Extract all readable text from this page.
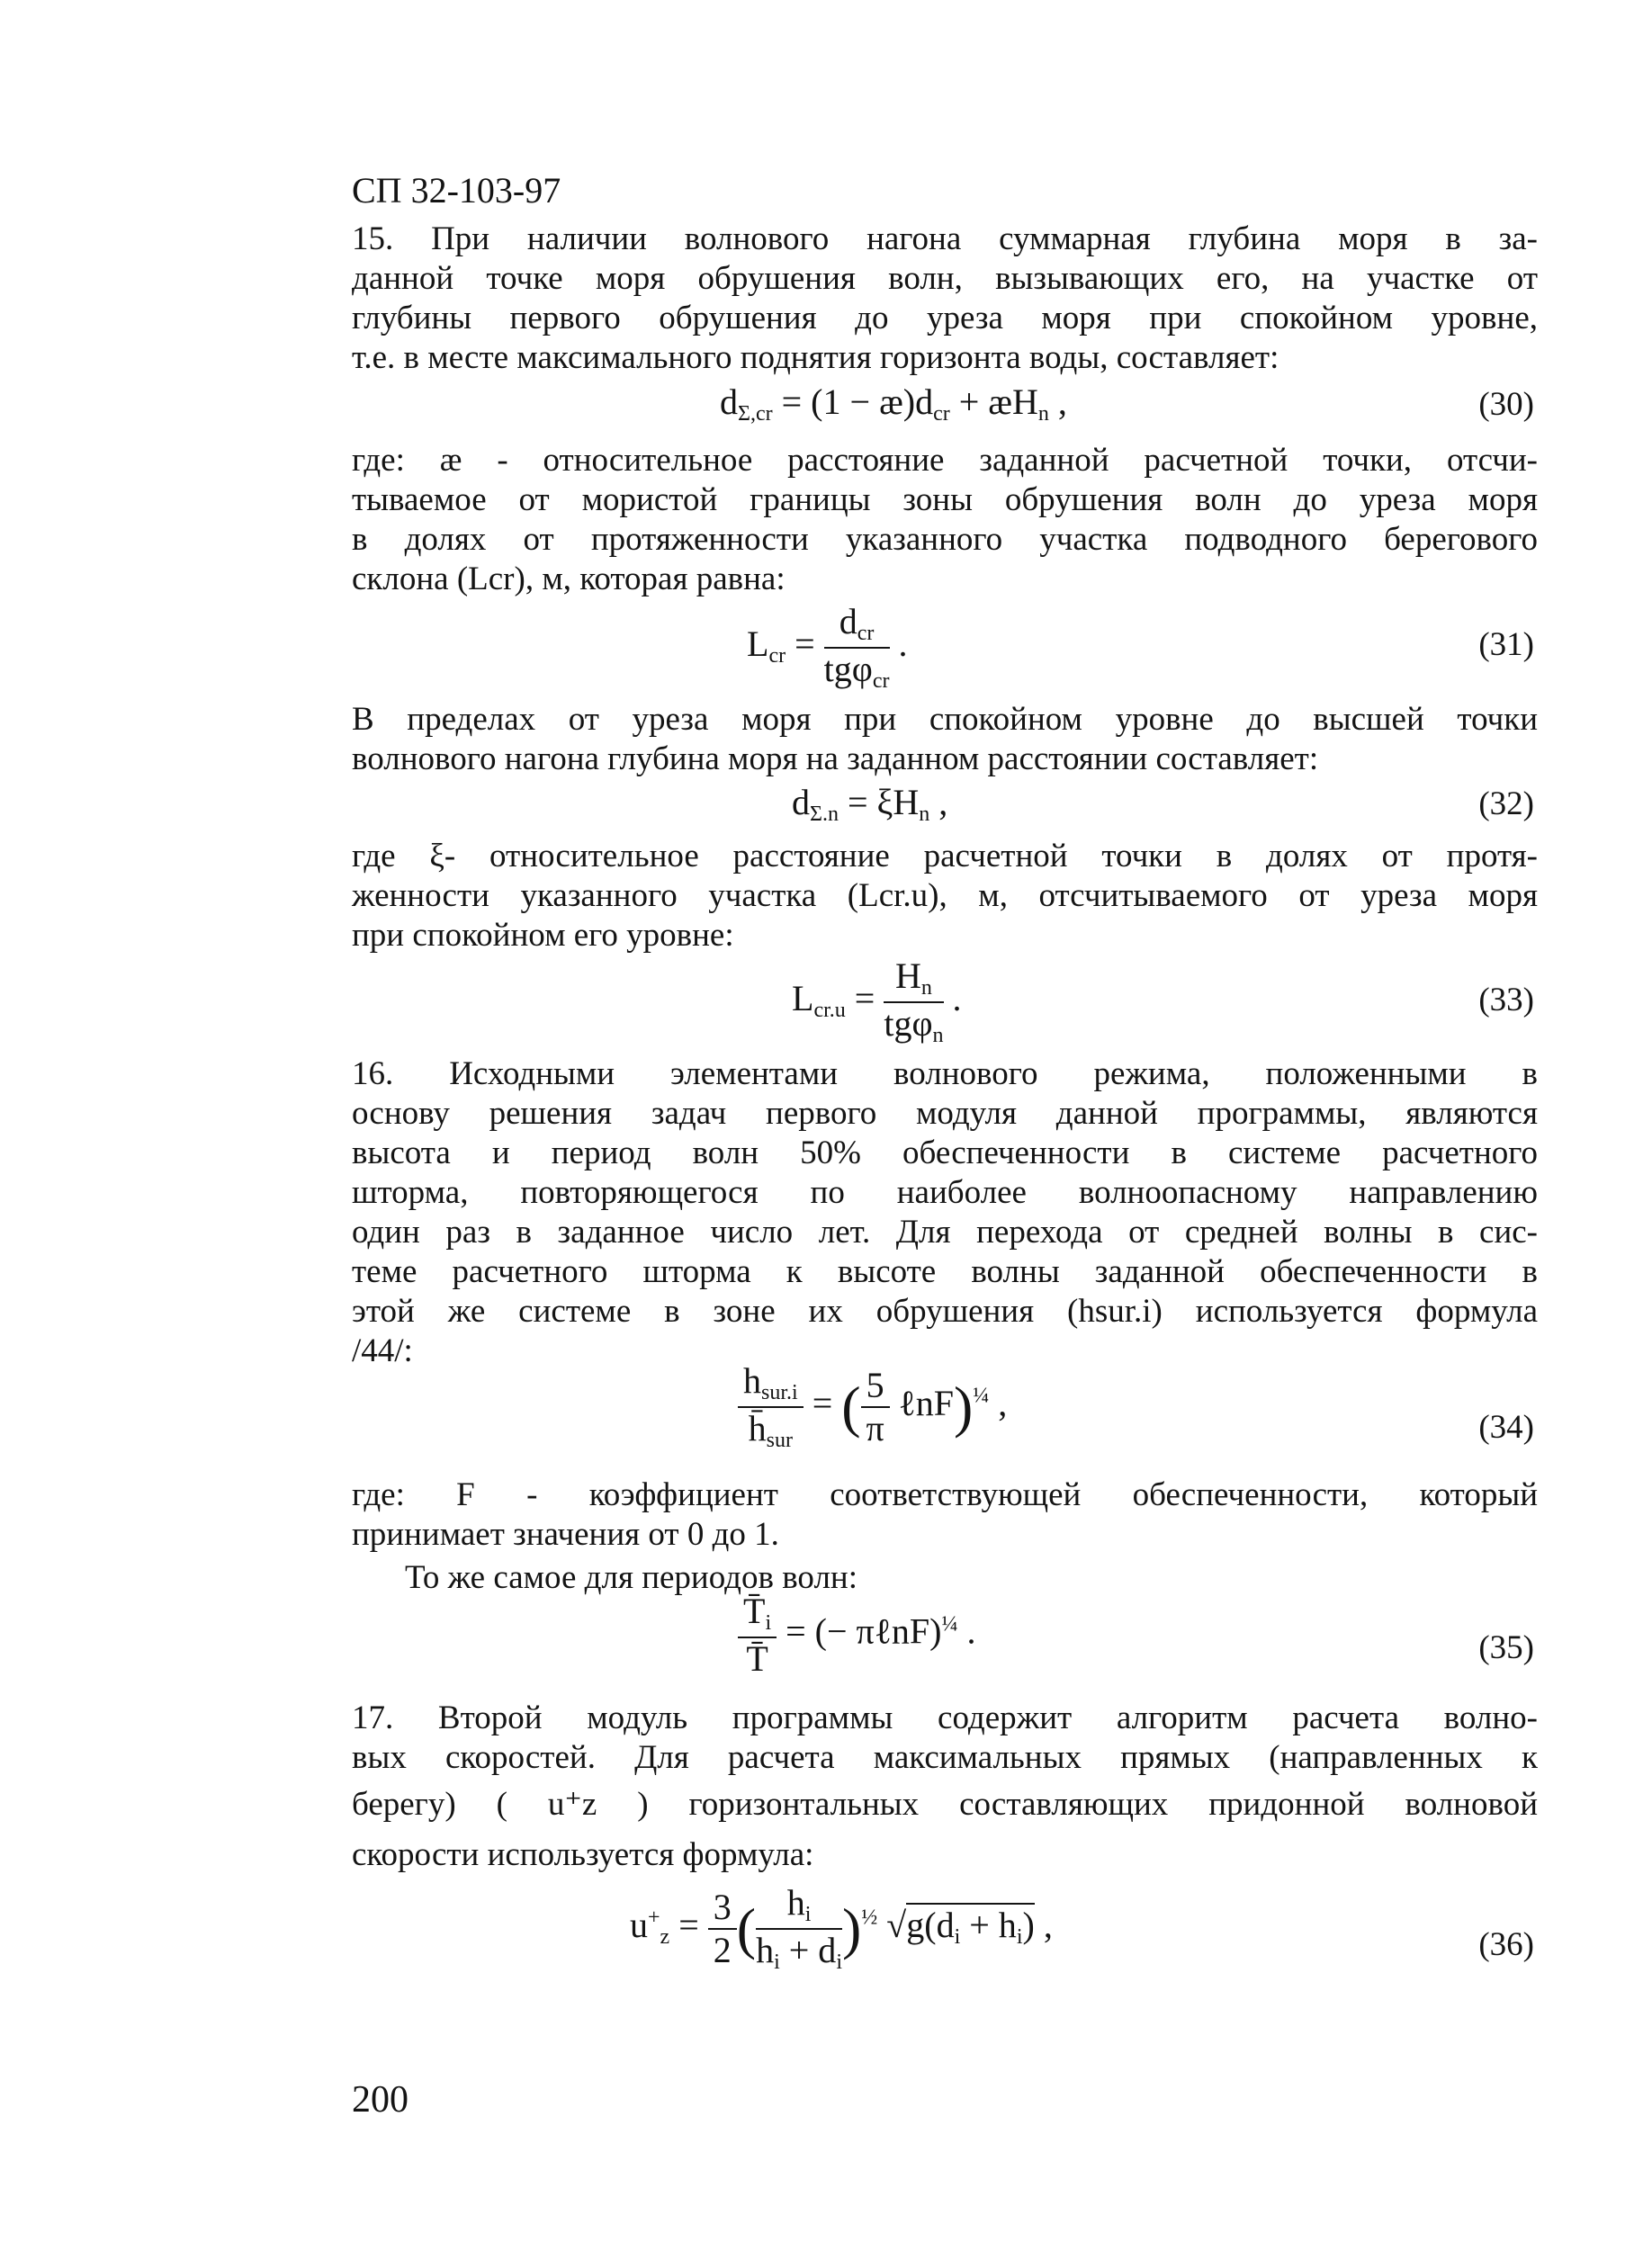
СП 32-103-97
15. При наличии волнового нагона суммарная глубина моря в за-
данной точке моря обрушения волн, вызывающих его, на участке от
глубины первого обрушения до уреза моря при спокойном уровне,
т.е. в месте максимального поднятия горизонта воды, составляет:
$d_{\Sigma,cr} = (1$ − $æ)d_{cr}$ + $æH_n$ ,	(30)
где: æ - относительное расстояние заданной расчетной точки, отсчи-
тываемое от мористой границы зоны обрушения волн до уреза моря
в долях от протяженности указанного участка подводного берегового
склона (Lcr), м, которая равна:
$L_{cr} = \frac{d_{cr}}{tg\varphi_{cr}}$ .	(31)
В пределах от уреза моря при спокойном уровне до высшей точки
волнового нагона глубина моря на заданном расстоянии составляет:
$d_{\Sigma.n} = \xi H_n$ ,	(32)
где ξ- относительное расстояние расчетной точки в долях от протя-
женности указанного участка (Lcr.u), м, отсчитываемого от уреза моря
при спокойном его уровне:
$L_{cr.u} = \frac{H_n}{tg\varphi_n}$ .	(33)
16. Исходными элементами волнового режима, положенными в
основу решения задач первого модуля данной программы, являются
высота и период волн 50% обеспеченности в системе расчетного
шторма, повторяющегося по наиболее волноопасному направлению
один раз в заданное число лет. Для перехода от средней волны в сис-
теме расчетного шторма к высоте волны заданной обеспеченности в
этой же системе в зоне их обрушения (hsur.i) используется формула
/44/:
$\frac{h_{sur.i}}{h̄_{sur}}$ = ( $\frac{5}{\pi}$ ℓnF)$^{\frac{1}{4}}$ ,
(34)
где: F - коэффициент соответствующей обеспеченности, который
принимает значения от 0 до 1.
То же самое для периодов волн:
$\frac{T̄_i}{T̄}$ = (− πℓnF)$^{\frac{1}{4}}$ .	(35)
17. Второй модуль программы содержит алгоритм расчета волно-
вых скоростей. Для расчета максимальных прямых (направленных к
берегу) ( u⁺z ) горизонтальных составляющих придонной волновой
скорости используется формула:
$u^+_z = \frac{3}{2}$ ( $\frac{h_i}{h_i + d_i} )^{\frac{1}{2}}$ $√g(d_i + h_i)$ ,	(36)
200
